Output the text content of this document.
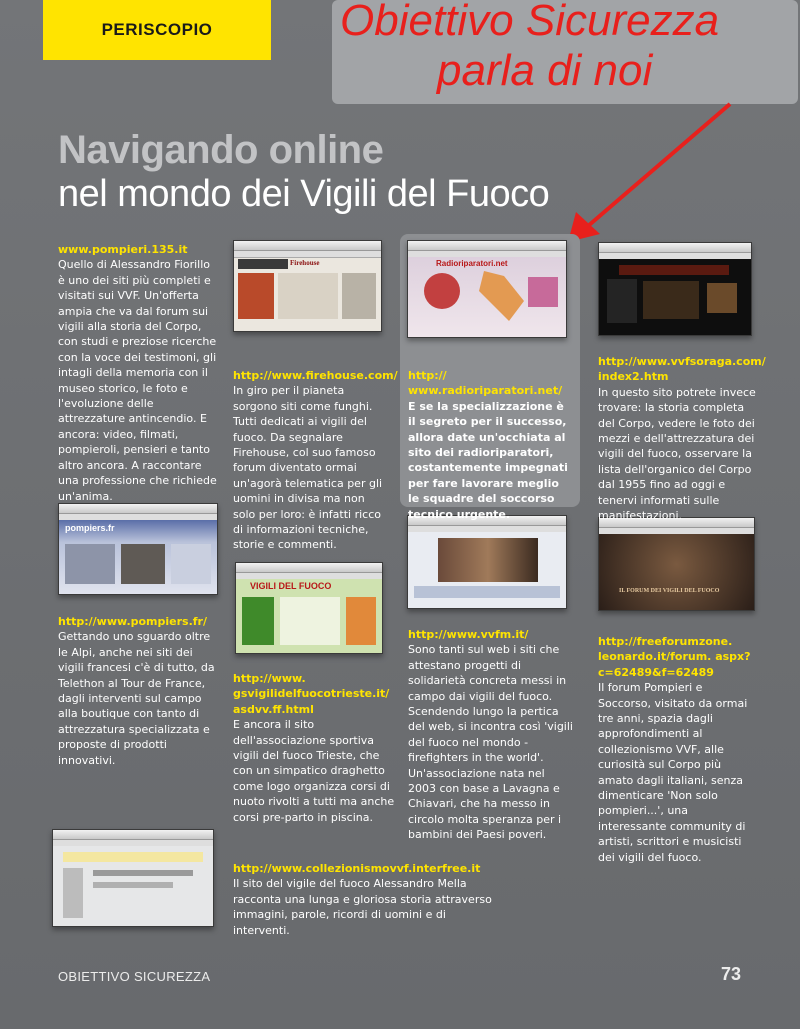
PERISCOPIO	Obiettivo Sicurezza
parla di noi
Navigando online
nel mondo dei Vigili del Fuoco
Firehouse	Radioriparatori.net
pompiers.fr
VIGILI DEL FUOCO	IL FORUM DEI VIGILI DEL FUOCO
www.pompieri.135.it
Quello di Alessandro Fiorillo è uno dei siti più completi e visitati sui VVF. Un'offerta ampia che va dal forum sui vigili alla storia del Corpo, con studi e preziose ricerche con la voce dei testimoni, gli intagli della memoria con il museo storico, le foto e l'evoluzione delle attrezzature antincendio. E ancora: video, filmati, pompieroli, pensieri e tanto altro ancora. A raccontare una professione che richiede un'anima.
http://www.firehouse.com/
In giro per il pianeta sorgono siti come funghi. Tutti dedicati ai vigili del fuoco. Da segnalare Firehouse, col suo famoso forum diventato ormai un'agorà telematica per gli uomini in divisa ma non solo per loro: è infatti ricco di informazioni tecniche, storie e commenti.
http:// www.radioriparatori.net/
E se la specializzazione è il segreto per il successo, allora date un'occhiata al sito dei radioriparatori, costantemente impegnati per fare lavorare meglio le squadre del soccorso tecnico urgente.
http://www.vvfsoraga.com/ index2.htm
In questo sito potrete invece trovare: la storia completa del Corpo, vedere le foto dei mezzi e dell'attrezzatura dei vigili del fuoco, osservare la lista dell'organico del Corpo dal 1955 fino ad oggi e tenervi informati sulle manifestazioni.
http://www.pompiers.fr/
Gettando uno sguardo oltre le Alpi, anche nei siti dei vigili francesi c'è di tutto, da Telethon al Tour de France, dagli interventi sul campo alla boutique con tanto di attrezzatura specializzata e proposte di prodotti innovativi.
http://www. gsvigilidelfuocotrieste.it/ asdvv.ff.html
E ancora il sito dell'associazione sportiva vigili del fuoco Trieste, che con un simpatico draghetto come logo organizza corsi di nuoto rivolti a tutti ma anche corsi pre-parto in piscina.
http://www.vvfm.it/
Sono tanti sul web i siti che attestano progetti di solidarietà concreta messi in campo dai vigili del fuoco. Scendendo lungo la pertica del web, si incontra così 'vigili del fuoco nel mondo - firefighters in the world'. Un'associazione nata nel 2003 con base a Lavagna e Chiavari, che ha messo in circolo molta speranza per i bambini dei Paesi poveri.
http://freeforumzone. leonardo.it/forum. aspx?c=62489&f=62489
Il forum Pompieri e Soccorso, visitato da ormai tre anni, spazia dagli approfondimenti al collezionismo VVF, alle curiosità sul Corpo più amato dagli italiani, senza dimenticare 'Non solo pompieri...', una interessante community di artisti, scrittori e musicisti dei vigili del fuoco.
http://www.collezionismovvf.interfree.it
Il sito del vigile del fuoco Alessandro Mella racconta una lunga e gloriosa storia attraverso immagini, parole, ricordi di uomini e di interventi.
OBIETTIVO SICUREZZA	73
